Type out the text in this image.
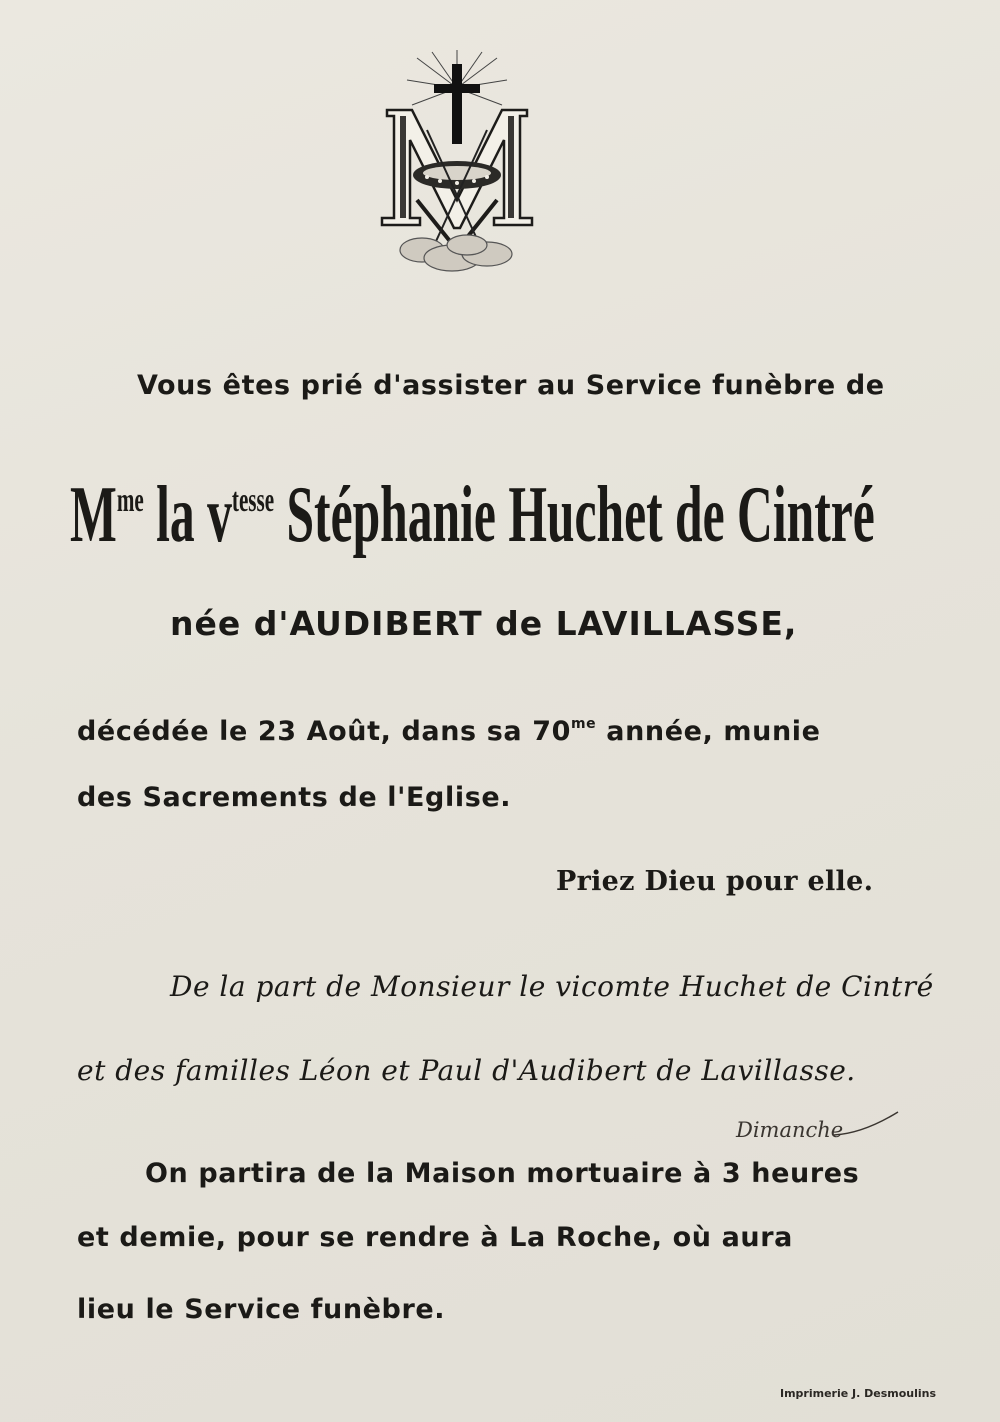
Vous êtes prié d'assister au Service funèbre de
$M^{me}$ la $v^{tesse}$ Stéphanie Huchet de Cintré
née d'AUDIBERT de LAVILLASSE,
décédée le 23 Août, dans sa $70^{me}$ année, munie
des Sacrements de l'Eglise.
Priez Dieu pour elle.
De la part de Monsieur le vicomte Huchet de Cintré
et des familles Léon et Paul d'Audibert de Lavillasse.
Dimanche
On partira de la Maison mortuaire à 3 heures
et demie, pour se rendre à La Roche, où aura
lieu le Service funèbre.
Imprimerie J. Desmoulins
